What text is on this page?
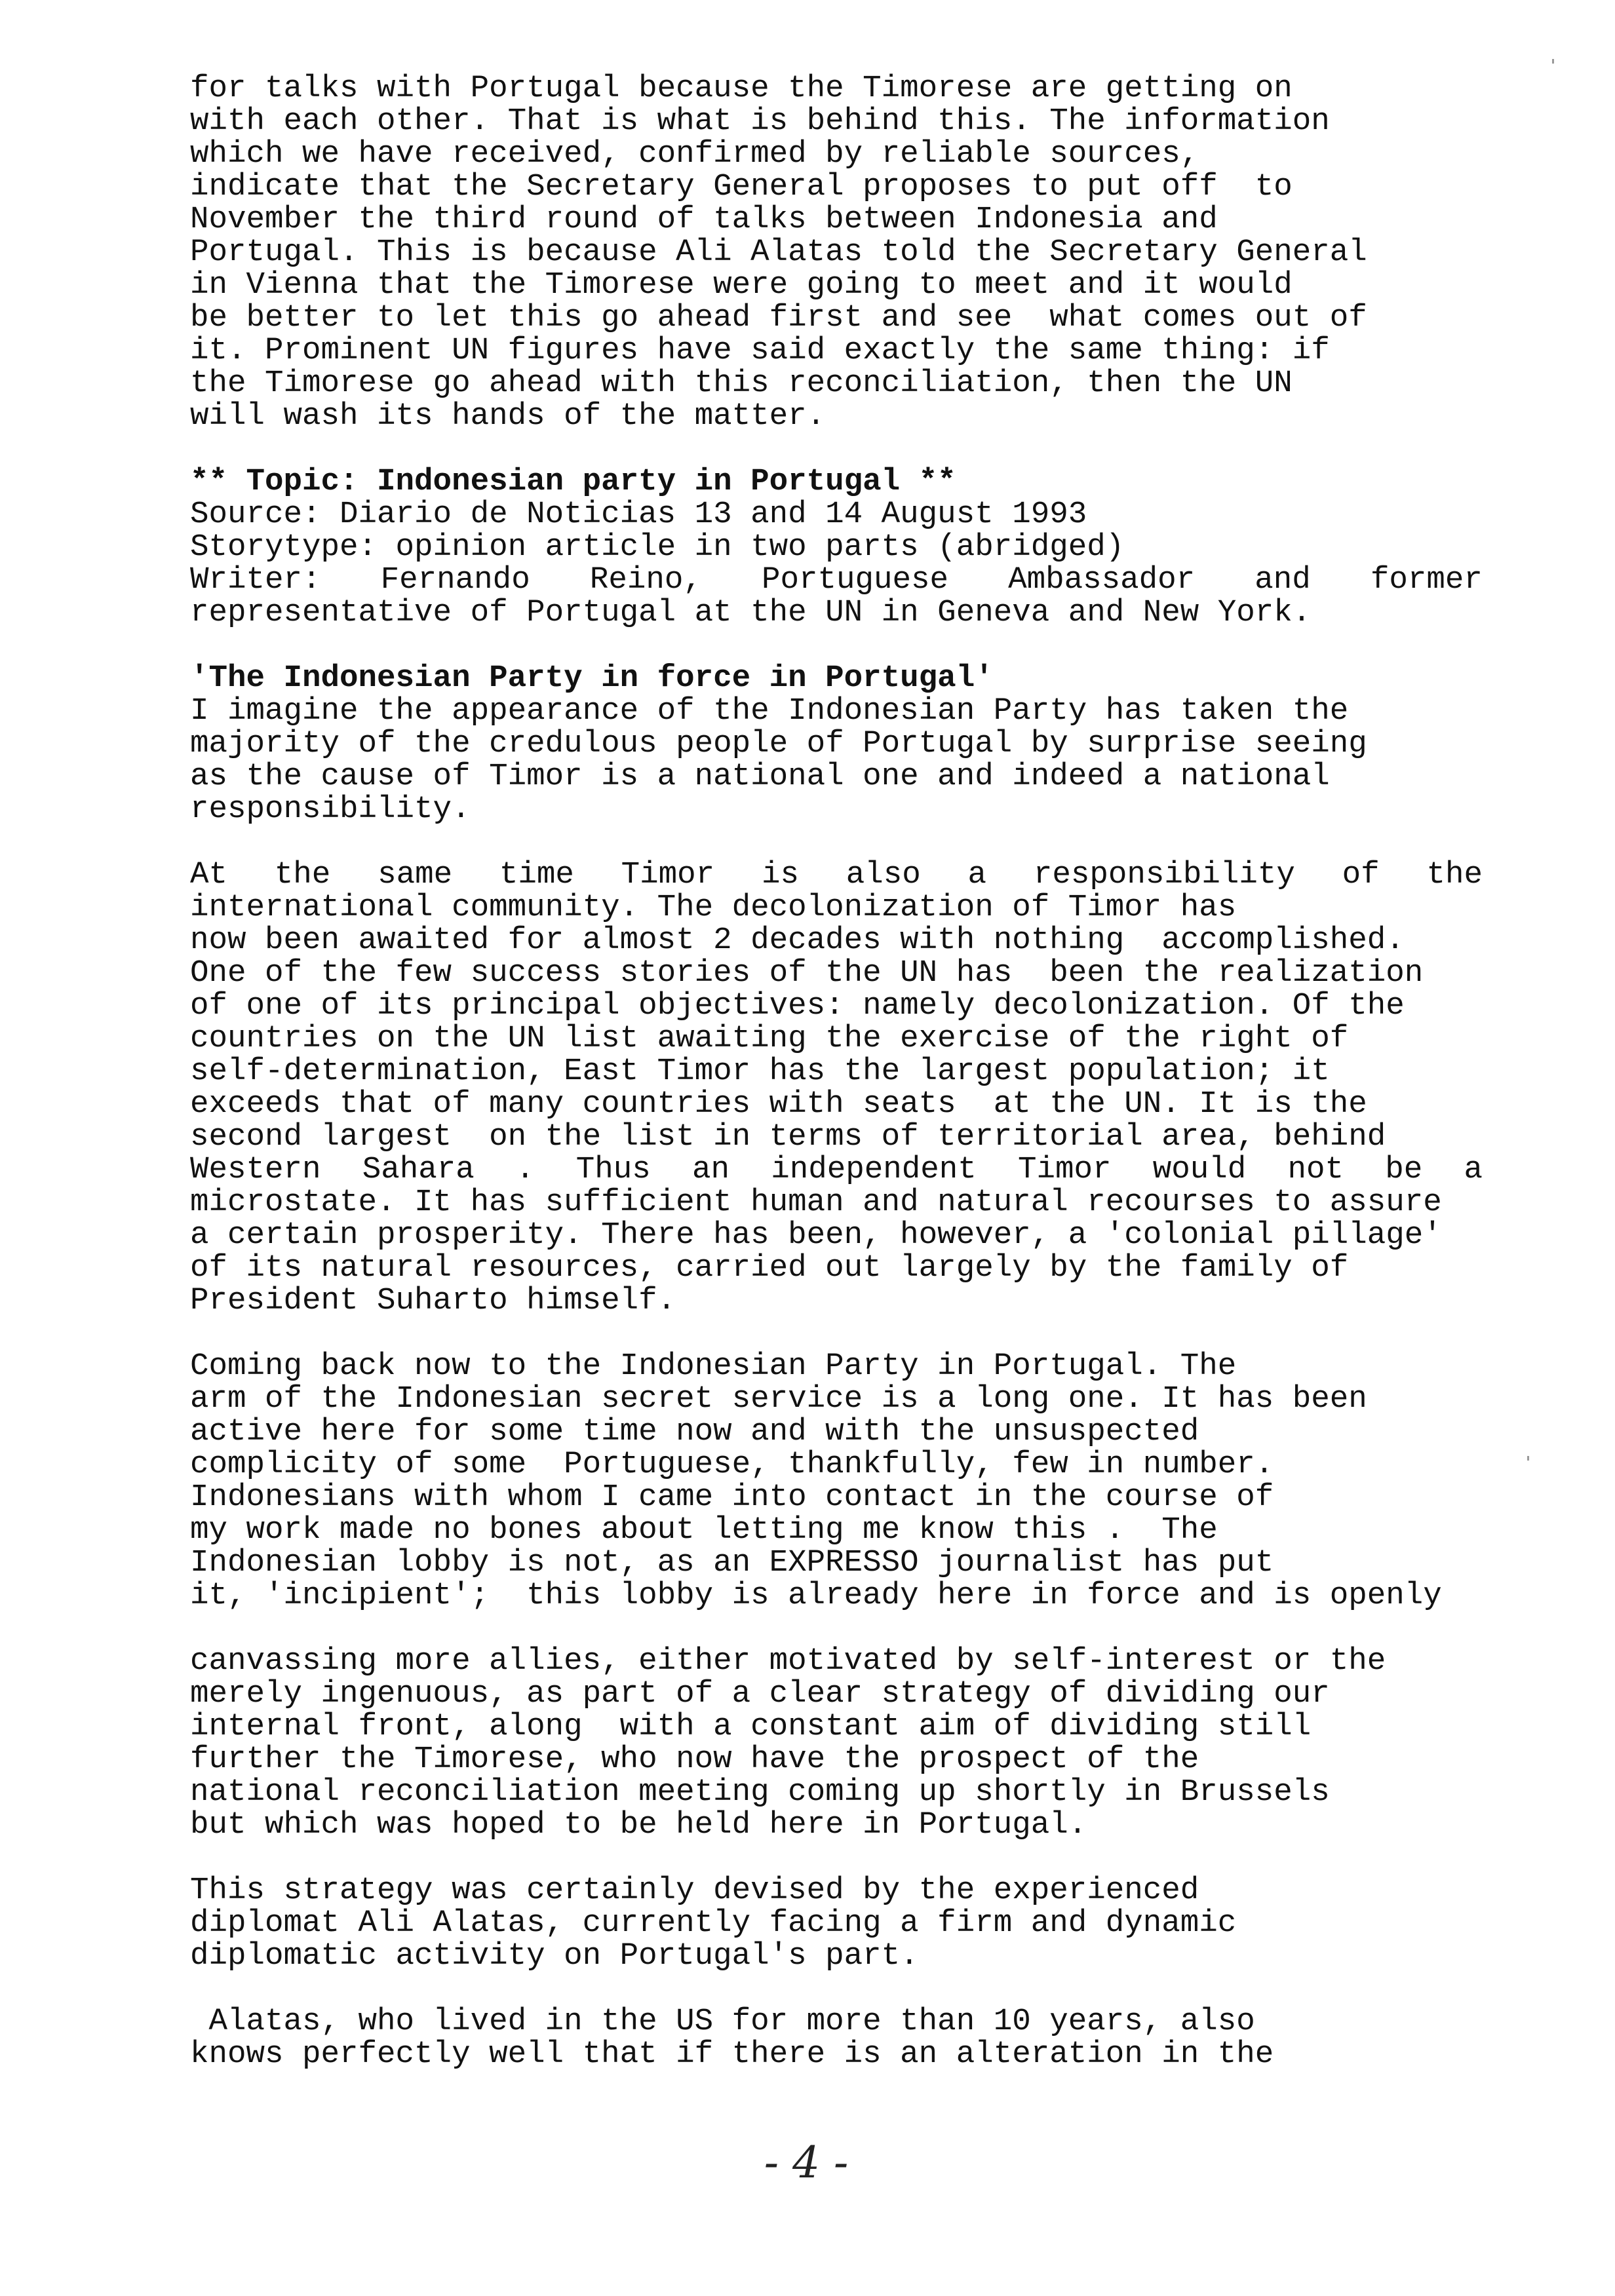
for talks with Portugal because the Timorese are getting on
with each other. That is what is behind this. The information
which we have received, confirmed by reliable sources,
indicate that the Secretary General proposes to put off  to
November the third round of talks between Indonesia and
Portugal. This is because Ali Alatas told the Secretary General
in Vienna that the Timorese were going to meet and it would
be better to let this go ahead first and see  what comes out of
it. Prominent UN figures have said exactly the same thing: if
the Timorese go ahead with this reconciliation, then the UN
will wash its hands of the matter.
** Topic: Indonesian party in Portugal **
Source: Diario de Noticias 13 and 14 August 1993
Storytype: opinion article in two parts (abridged)
Writer: Fernando Reino, Portuguese Ambassador and former
representative of Portugal at the UN in Geneva and New York.
'The Indonesian Party in force in Portugal'
I imagine the appearance of the Indonesian Party has taken the
majority of the credulous people of Portugal by surprise seeing
as the cause of Timor is a national one and indeed a national
responsibility.
At the same time Timor is also a responsibility of the
international community. The decolonization of Timor has
now been awaited for almost 2 decades with nothing  accomplished.
One of the few success stories of the UN has  been the realization
of one of its principal objectives: namely decolonization. Of the
countries on the UN list awaiting the exercise of the right of
self-determination, East Timor has the largest population; it
exceeds that of many countries with seats  at the UN. It is the
second largest  on the list in terms of territorial area, behind
Western Sahara . Thus an independent Timor would not be a
microstate. It has sufficient human and natural recourses to assure
a certain prosperity. There has been, however, a 'colonial pillage'
of its natural resources, carried out largely by the family of
President Suharto himself.
Coming back now to the Indonesian Party in Portugal. The
arm of the Indonesian secret service is a long one. It has been
active here for some time now and with the unsuspected
complicity of some  Portuguese, thankfully, few in number.
Indonesians with whom I came into contact in the course of
my work made no bones about letting me know this .  The
Indonesian lobby is not, as an EXPRESSO journalist has put
it, 'incipient';  this lobby is already here in force and is openly
canvassing more allies, either motivated by self-interest or the
merely ingenuous, as part of a clear strategy of dividing our
internal front, along  with a constant aim of dividing still
further the Timorese, who now have the prospect of the
national reconciliation meeting coming up shortly in Brussels
but which was hoped to be held here in Portugal.
This strategy was certainly devised by the experienced
diplomat Ali Alatas, currently facing a firm and dynamic
diplomatic activity on Portugal's part.
Alatas, who lived in the US for more than 10 years, also
knows perfectly well that if there is an alteration in the
- 4 -
